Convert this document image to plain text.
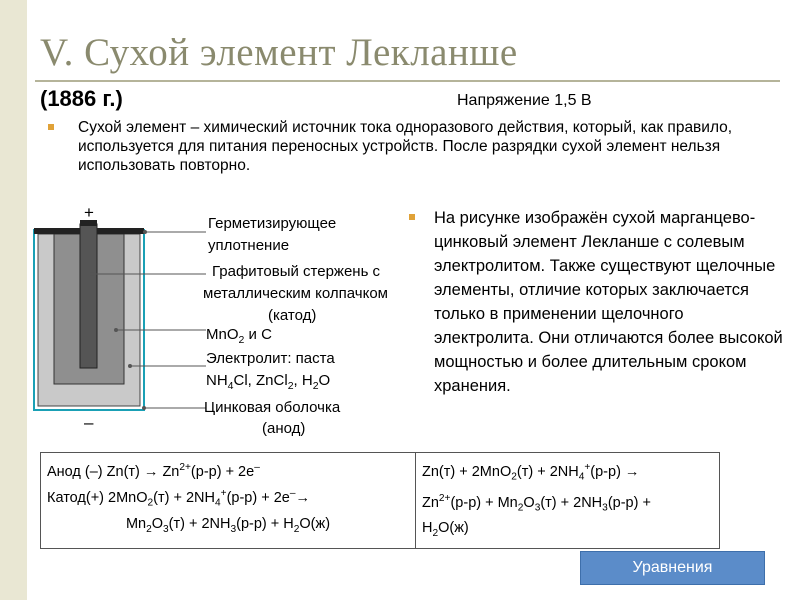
V. Сухой элемент Лекланше
(1886 г.)	Напряжение 1,5 В
Сухой элемент – химический источник тока одноразового действия, который, как правило, используется для питания переносных устройств. После разрядки сухой элемент нельзя использовать повторно.
+
–
Герметизирующее
уплотнение
Графитовый стержень с
металлическим колпачком
(катод)
MnO$_2$ и С
Электролит: паста
$NH_4Cl$, ZnCl$_2$, $H_2O$
Цинковая оболочка
(анод)
На рисунке изображён сухой марганцево-цинковый элемент Лекланше с солевым электролитом. Также существуют щелочные элементы, отличие которых заключается только в применении щелочного электролита. Они отличаются более высокой мощностью и более длительным сроком хранения.
Анод (–) $Zn(т) \to Zn^{2+}(р-р) + 2e^-$
Катод(+) $2MnO_2(т) + 2NH_4^+(р-р) + 2e^-\to$
$Mn_2O_3(т) + 2NH_3(р-р) + H_2O(ж)$

$Zn(т) + 2MnO_2(т) + 2NH_4^+(р-р)$ →
$Zn^{2+}(р-р) + Mn_2O_3(т) + 2NH_3(р-р)$ +
$H_2O(ж)$
Уравнения
